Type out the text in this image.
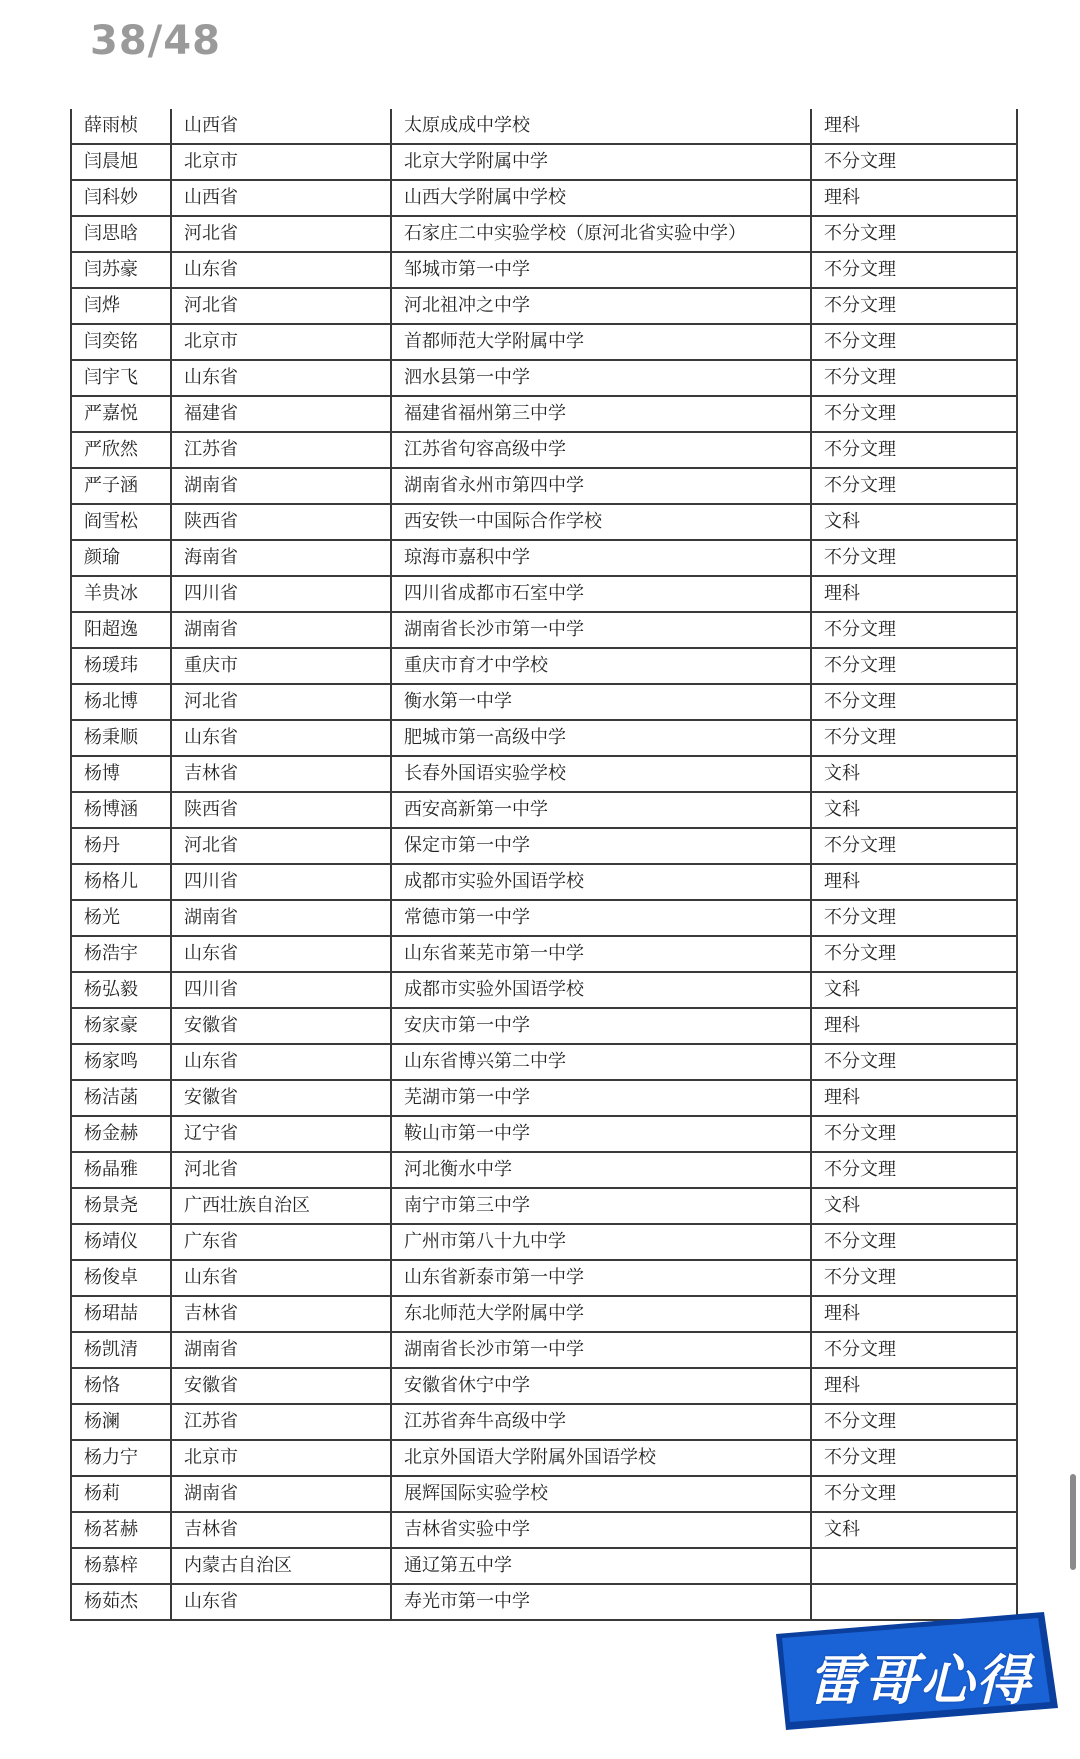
38/48
薛雨桢	山西省	太原成成中学校	理科
闫晨旭	北京市	北京大学附属中学	不分文理
闫科妙	山西省	山西大学附属中学校	理科
闫思晗	河北省	石家庄二中实验学校（原河北省实验中学）	不分文理
闫苏豪	山东省	邹城市第一中学	不分文理
闫烨	河北省	河北祖冲之中学	不分文理
闫奕铭	北京市	首都师范大学附属中学	不分文理
闫宇飞	山东省	泗水县第一中学	不分文理
严嘉悦	福建省	福建省福州第三中学	不分文理
严欣然	江苏省	江苏省句容高级中学	不分文理
严子涵	湖南省	湖南省永州市第四中学	不分文理
阎雪松	陕西省	西安铁一中国际合作学校	文科
颜瑜	海南省	琼海市嘉积中学	不分文理
羊贵冰	四川省	四川省成都市石室中学	理科
阳超逸	湖南省	湖南省长沙市第一中学	不分文理
杨瑗玮	重庆市	重庆市育才中学校	不分文理
杨北博	河北省	衡水第一中学	不分文理
杨秉顺	山东省	肥城市第一高级中学	不分文理
杨博	吉林省	长春外国语实验学校	文科
杨博涵	陕西省	西安高新第一中学	文科
杨丹	河北省	保定市第一中学	不分文理
杨格儿	四川省	成都市实验外国语学校	理科
杨光	湖南省	常德市第一中学	不分文理
杨浩宇	山东省	山东省莱芜市第一中学	不分文理
杨弘毅	四川省	成都市实验外国语学校	文科
杨家豪	安徽省	安庆市第一中学	理科
杨家鸣	山东省	山东省博兴第二中学	不分文理
杨洁菡	安徽省	芜湖市第一中学	理科
杨金赫	辽宁省	鞍山市第一中学	不分文理
杨晶雅	河北省	河北衡水中学	不分文理
杨景尧	广西壮族自治区	南宁市第三中学	文科
杨靖仪	广东省	广州市第八十九中学	不分文理
杨俊卓	山东省	山东省新泰市第一中学	不分文理
杨珺喆	吉林省	东北师范大学附属中学	理科
杨凯清	湖南省	湖南省长沙市第一中学	不分文理
杨恪	安徽省	安徽省休宁中学	理科
杨澜	江苏省	江苏省奔牛高级中学	不分文理
杨力宁	北京市	北京外国语大学附属外国语学校	不分文理
杨莉	湖南省	展辉国际实验学校	不分文理
杨茗赫	吉林省	吉林省实验中学	文科
杨慕梓	内蒙古自治区	通辽第五中学	
杨茹杰	山东省	寿光市第一中学	
雷哥心得
